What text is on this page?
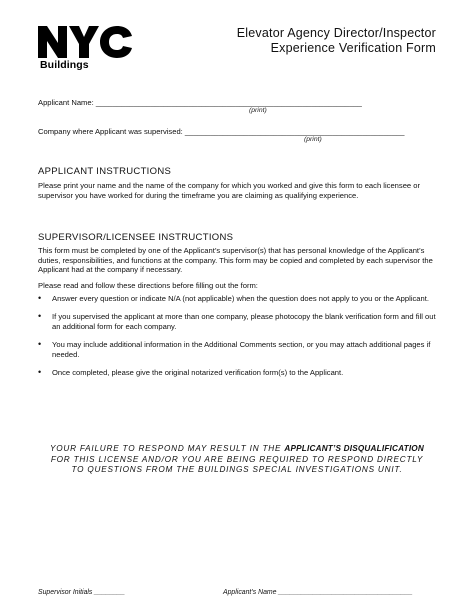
Buildings
Elevator Agency Director/Inspector
Experience Verification Form
Applicant Name: _______________________________________________________________
(print)
Company where Applicant was supervised: ____________________________________________________
(print)
APPLICANT INSTRUCTIONS
Please print your name and the name of the company for which you worked and give this form to each licensee or supervisor you have worked for during the timeframe you are claiming as qualifying experience.
SUPERVISOR/LICENSEE INSTRUCTIONS
This form must be completed by one of the Applicant’s supervisor(s) that has personal knowledge of the Applicant’s duties, responsibilities, and functions at the company. This form may be copied and completed by each supervisor the Applicant had at the company if necessary.
Please read and follow these directions before filling out the form:
• Answer every question or indicate N/A (not applicable) when the question does not apply to you or the Applicant.
• If you supervised the applicant at more than one company, please photocopy the blank verification form and fill out an additional form for each company.
• You may include additional information in the Additional Comments section, or you may attach additional pages if needed.
• Once completed, please give the original notarized verification form(s) to the Applicant.
YOUR FAILURE TO RESPOND MAY RESULT IN THE APPLICANT’S DISQUALIFICATION
FOR THIS LICENSE AND/OR YOU ARE BEING REQUIRED TO RESPOND DIRECTLY
TO QUESTIONS FROM THE BUILDINGS SPECIAL INVESTIGATIONS UNIT.
Supervisor Initials ________	Applicant’s Name ___________________________________
